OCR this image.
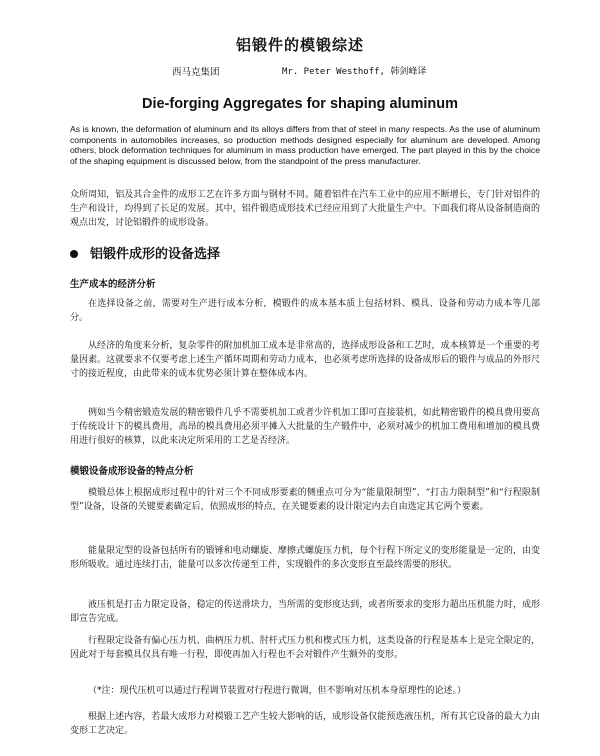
铝锻件的模锻综述
西马克集团	Mr. Peter Westhoff, 韩剑峰译
Die-forging Aggregates for shaping aluminum
As is known, the deformation of aluminum and its alloys differs from that of steel in many respects. As the use of aluminum components in automobiles increases, so production methods designed especially for aluminum are developed. Among others, block deformation techniques for aluminum in mass production have emerged. The part played in this by the choice of the shaping equipment is discussed below, from the standpoint of the press manufacturer.
众所周知，铝及其合金件的成形工艺在许多方面与钢材不同。随着铝件在汽车工业中的应用不断增长，专门针对铝件的生产和设计，均得到了长足的发展。其中，铝件锻造成形技术已经应用到了大批量生产中。下面我们将从设备制造商的观点出发，讨论铝锻件的成形设备。
铝锻件成形的设备选择
生产成本的经济分析
在选择设备之前，需要对生产进行成本分析，模锻件的成本基本质上包括材料、模具、设备和劳动力成本等几部分。
从经济的角度来分析，复杂零件的附加机加工成本是非常高的，选择成形设备和工艺时，成本核算是一个重要的考量因素。这就要求不仅要考虑上述生产循环周期和劳动力成本，也必须考虑所选择的设备成形后的锻件与成品的外形尺寸的接近程度，由此带来的成本优势必须计算在整体成本内。
例如当今精密锻造发展的精密锻件几乎不需要机加工或者少许机加工即可直接装机，如此精密锻件的模具费用要高于传统设计下的模具费用，高昂的模具费用必须平摊入大批量的生产锻件中，必须对减少的机加工费用和增加的模具费用进行很好的核算，以此来决定所采用的工艺是否经济。
模锻设备成形设备的特点分析
模锻总体上根据成形过程中的针对三个不同成形要素的侧重点可分为“能量限制型”、“打击力限制型”和“行程限制型”设备，设备的关键要素确定后，依照成形的特点，在关键要素的设计限定内去自由选定其它两个要素。
能量限定型的设备包括所有的锻锤和电动螺旋、摩擦式螺旋压力机，每个行程下所定义的变形能量是一定的，由变形所吸收。通过连续打击，能量可以多次传递至工件，实现锻件的多次变形直至最终需要的形状。
液压机是打击力限定设备，稳定的传送滑块力，当所需的变形度达到，或者所要求的变形力超出压机能力时，成形即宣告完成。
行程限定设备有偏心压力机、曲柄压力机、肘杆式压力机和楔式压力机，这类设备的行程是基本上是完全限定的，因此对于每套模具仅具有唯一行程，即使再加入行程也不会对锻件产生额外的变形。
（*注：现代压机可以通过行程调节装置对行程进行微调，但不影响对压机本身原理性的论述。）
根据上述内容，若最大成形力对模锻工艺产生较大影响的话，成形设备仅能预选液压机，所有其它设备的最大力由变形工艺决定。
